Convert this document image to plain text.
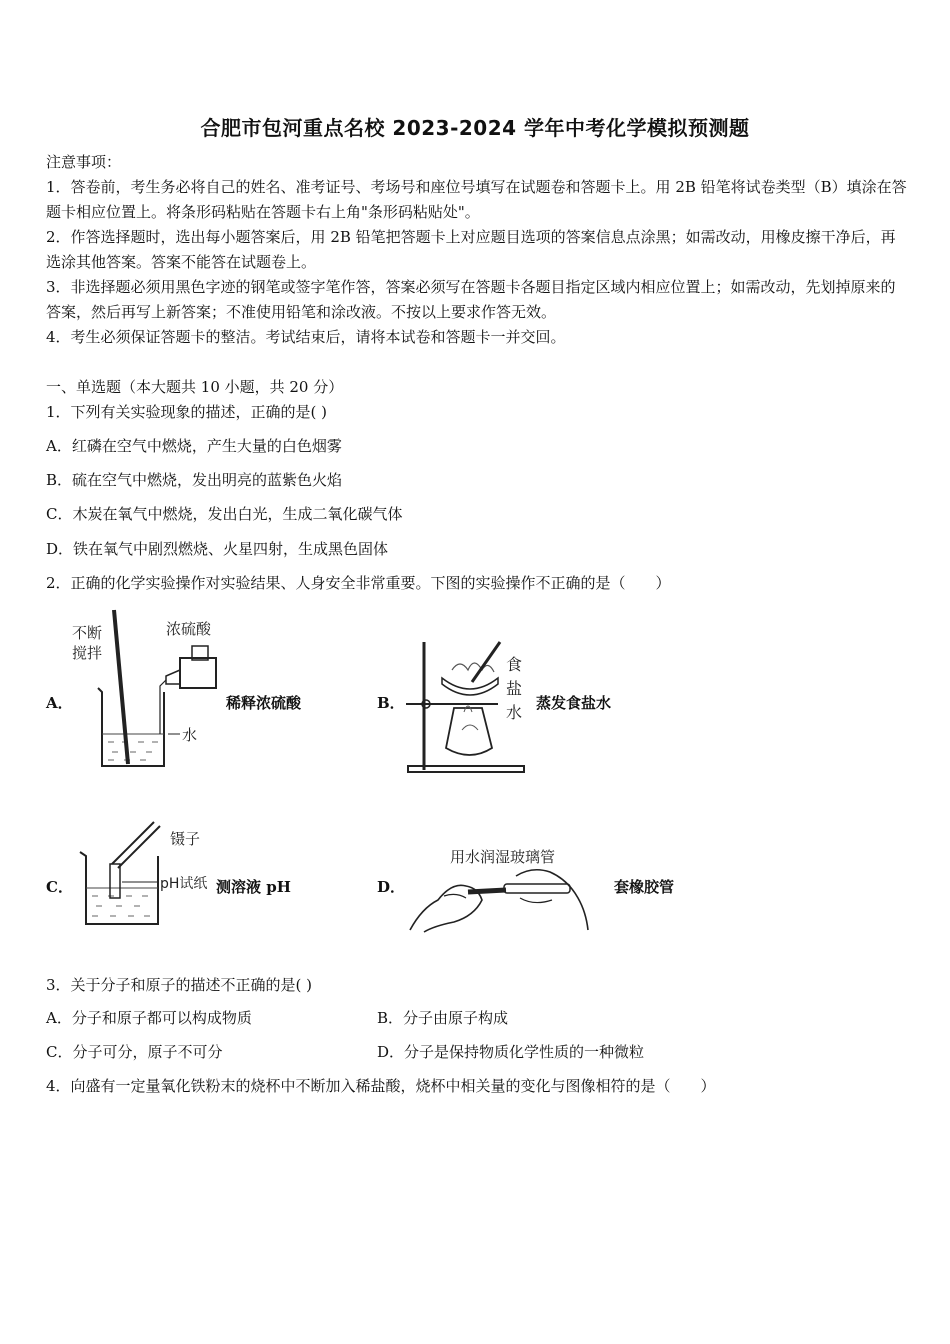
合肥市包河重点名校 2023-2024 学年中考化学模拟预测题

注意事项：

1．答卷前，考生务必将自己的姓名、准考证号、考场号和座位号填写在试题卷和答题卡上。用 2B 铅笔将试卷类型（B）填涂在答题卡相应位置上。将条形码粘贴在答题卡右上角"条形码粘贴处"。

2．作答选择题时，选出每小题答案后，用 2B 铅笔把答题卡上对应题目选项的答案信息点涂黑；如需改动，用橡皮擦干净后，再选涂其他答案。答案不能答在试题卷上。

3．非选择题必须用黑色字迹的钢笔或签字笔作答，答案必须写在答题卡各题目指定区域内相应位置上；如需改动，先划掉原来的答案，然后再写上新答案；不准使用铅笔和涂改液。不按以上要求作答无效。

4．考生必须保证答题卡的整洁。考试结束后，请将本试卷和答题卡一并交回。

一、单选题（本大题共 10 小题，共 20 分）
1．下列有关实验现象的描述，正确的是( )
A．红磷在空气中燃烧，产生大量的白色烟雾
B．硫在空气中燃烧，发出明亮的蓝紫色火焰
C．木炭在氧气中燃烧，发出白光，生成二氧化碳气体
D．铁在氧气中剧烈燃烧、火星四射，生成黑色固体
2．正确的化学实验操作对实验结果、人身安全非常重要。下图的实验操作不正确的是（　　）
A．
不断
搅拌
浓硫酸
水
稀释浓硫酸	B．
食
盐
水 蒸发食盐水
C．
镊子
pH试纸 测溶液 pH	D．
用水润湿玻璃管
套橡胶管
3．关于分子和原子的描述不正确的是( )
A．分子和原子都可以构成物质	B．分子由原子构成
C．分子可分，原子不可分	D．分子是保持物质化学性质的一种微粒
4．向盛有一定量氧化铁粉末的烧杯中不断加入稀盐酸，烧杯中相关量的变化与图像相符的是（　　）
